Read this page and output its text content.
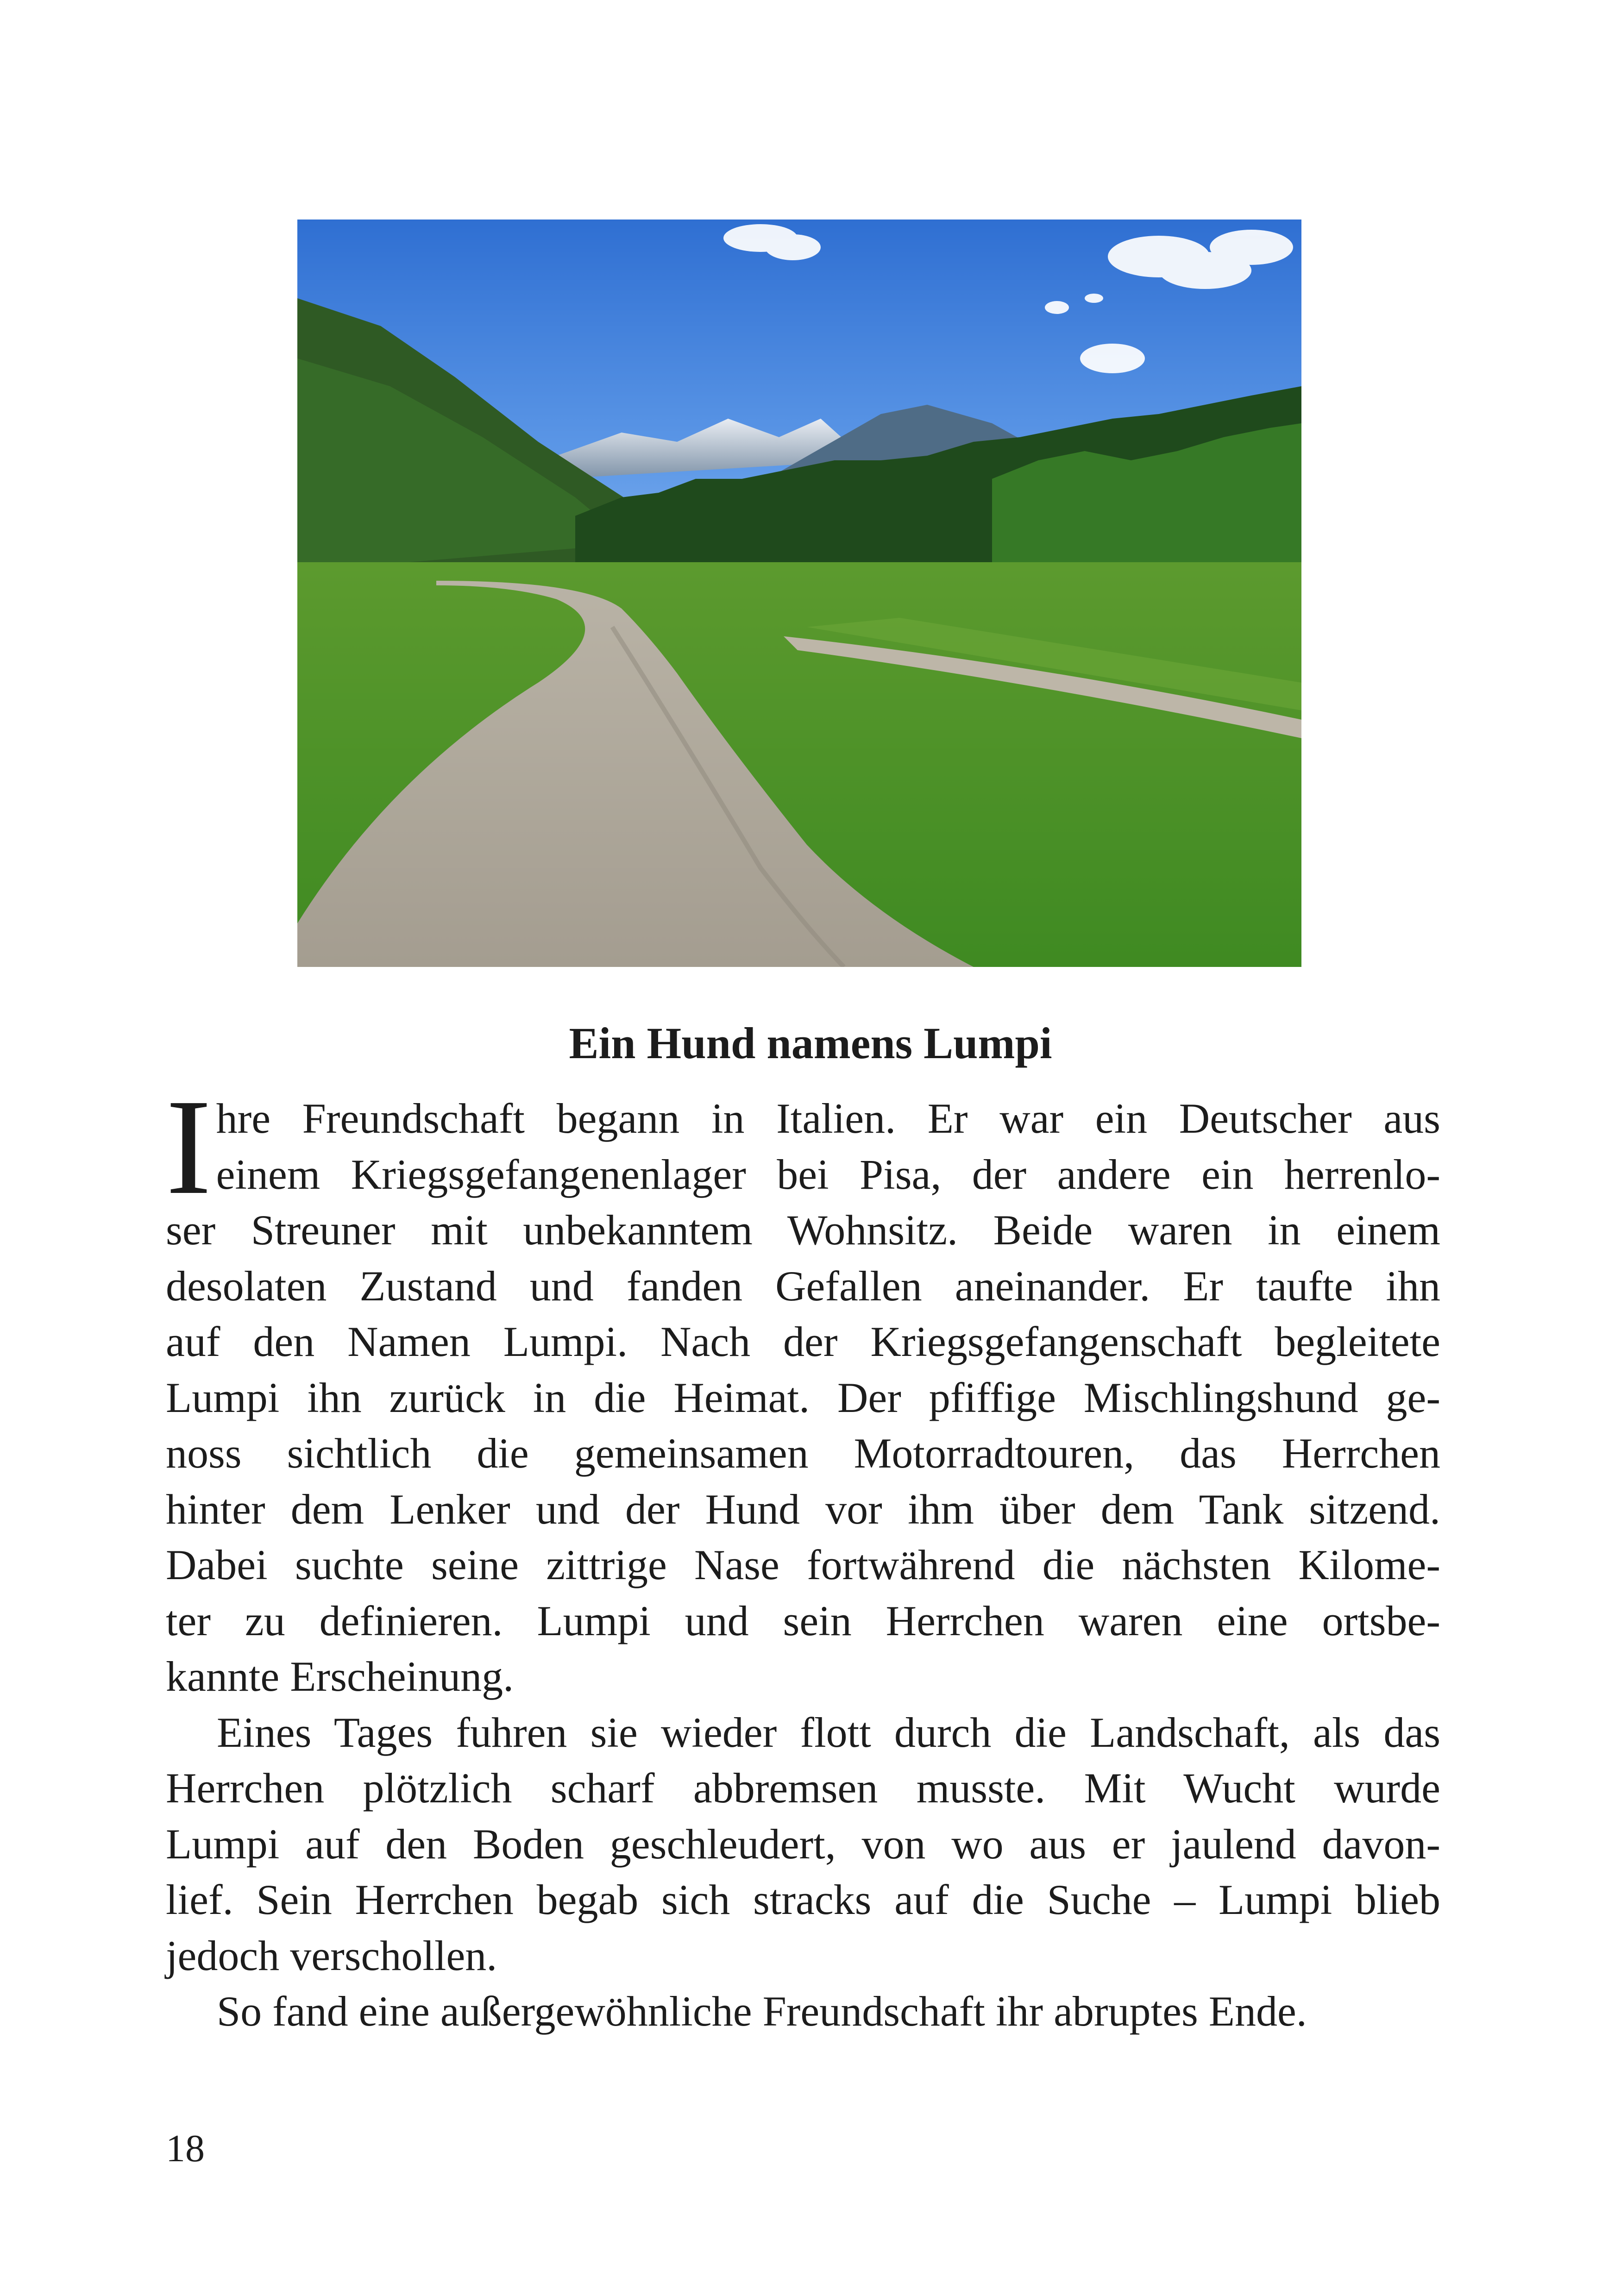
Ein Hund namens Lumpi

I hre Freundschaft begann in Italien. Er war ein Deutscher aus
einem Kriegsgefangenenlager bei Pisa, der andere ein herrenlo-
ser Streuner mit unbekanntem Wohnsitz. Beide waren in einem
desolaten Zustand und fanden Gefallen aneinander. Er taufte ihn
auf den Namen Lumpi. Nach der Kriegsgefangenschaft begleitete
Lumpi ihn zurück in die Heimat. Der pfiffige Mischlingshund ge-
noss sichtlich die gemeinsamen Motorradtouren, das Herrchen
hinter dem Lenker und der Hund vor ihm über dem Tank sitzend.
Dabei suchte seine zittrige Nase fortwährend die nächsten Kilome-
ter zu definieren. Lumpi und sein Herrchen waren eine ortsbe-
kannte Erscheinung.

Eines Tages fuhren sie wieder flott durch die Landschaft, als das
Herrchen plötzlich scharf abbremsen musste. Mit Wucht wurde
Lumpi auf den Boden geschleudert, von wo aus er jaulend davon-
lief. Sein Herrchen begab sich stracks auf die Suche – Lumpi blieb
jedoch verschollen.

So fand eine außergewöhnliche Freundschaft ihr abruptes Ende.

18
